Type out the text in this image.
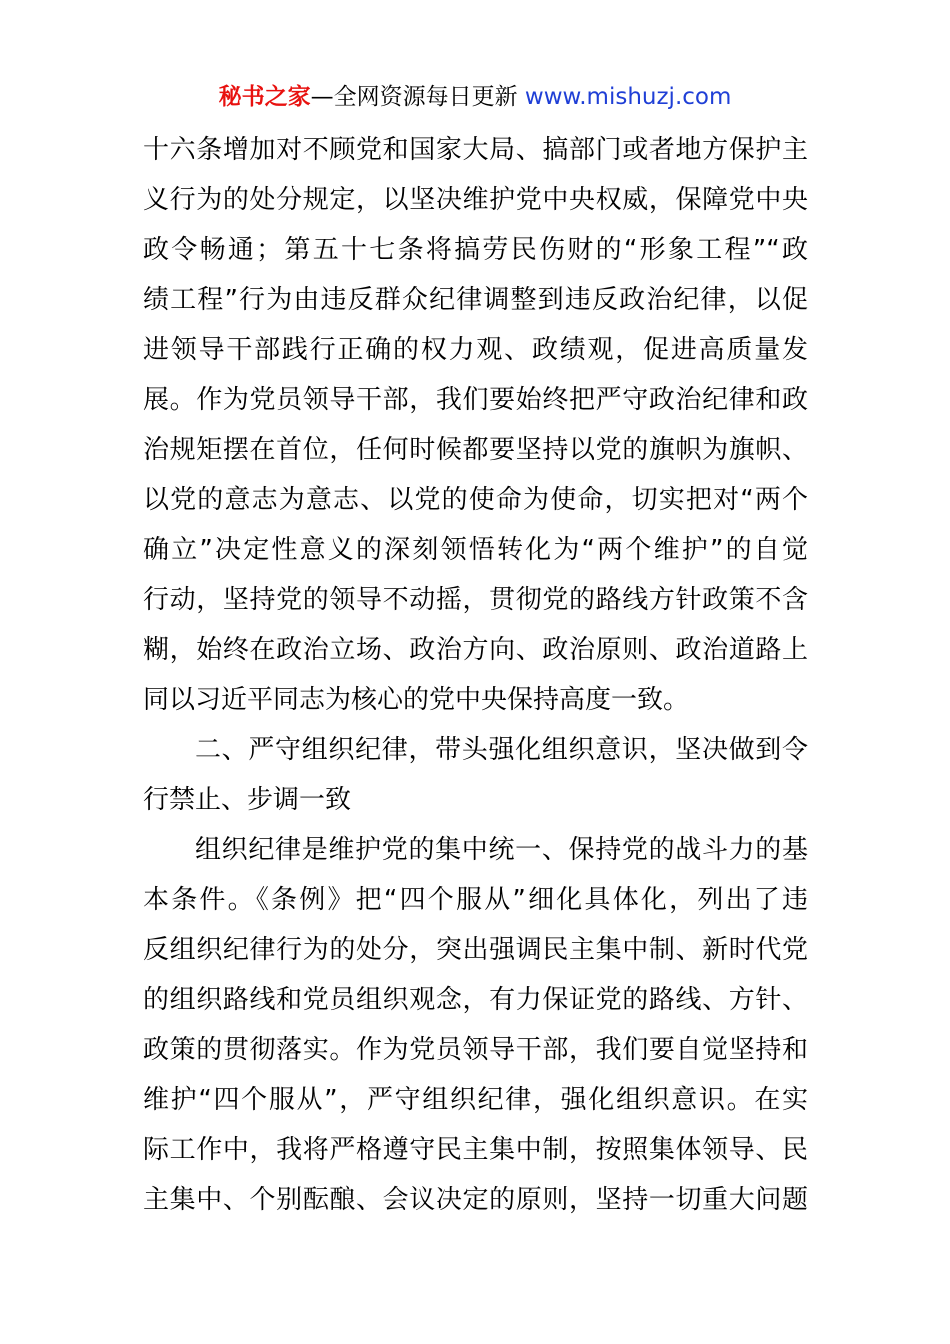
秘书之家—全网资源每日更新 www.mishuzj.com
十六条增加对不顾党和国家大局、搞部门或者地方保护主
义行为的处分规定，以坚决维护党中央权威，保障党中央
政令畅通；第五十七条将搞劳民伤财的“形象工程”“政
绩工程”行为由违反群众纪律调整到违反政治纪律，以促
进领导干部践行正确的权力观、政绩观，促进高质量发
展。作为党员领导干部，我们要始终把严守政治纪律和政
治规矩摆在首位，任何时候都要坚持以党的旗帜为旗帜、
以党的意志为意志、以党的使命为使命，切实把对“两个
确立”决定性意义的深刻领悟转化为“两个维护”的自觉
行动，坚持党的领导不动摇，贯彻党的路线方针政策不含
糊，始终在政治立场、政治方向、政治原则、政治道路上
同以习近平同志为核心的党中央保持高度一致。
二、严守组织纪律，带头强化组织意识，坚决做到令
行禁止、步调一致
组织纪律是维护党的集中统一、保持党的战斗力的基
本条件。《条例》把“四个服从”细化具体化，列出了违
反组织纪律行为的处分，突出强调民主集中制、新时代党
的组织路线和党员组织观念，有力保证党的路线、方针、
政策的贯彻落实。作为党员领导干部，我们要自觉坚持和
维护“四个服从”，严守组织纪律，强化组织意识。在实
际工作中，我将严格遵守民主集中制，按照集体领导、民
主集中、个别酝酿、会议决定的原则，坚持一切重大问题
